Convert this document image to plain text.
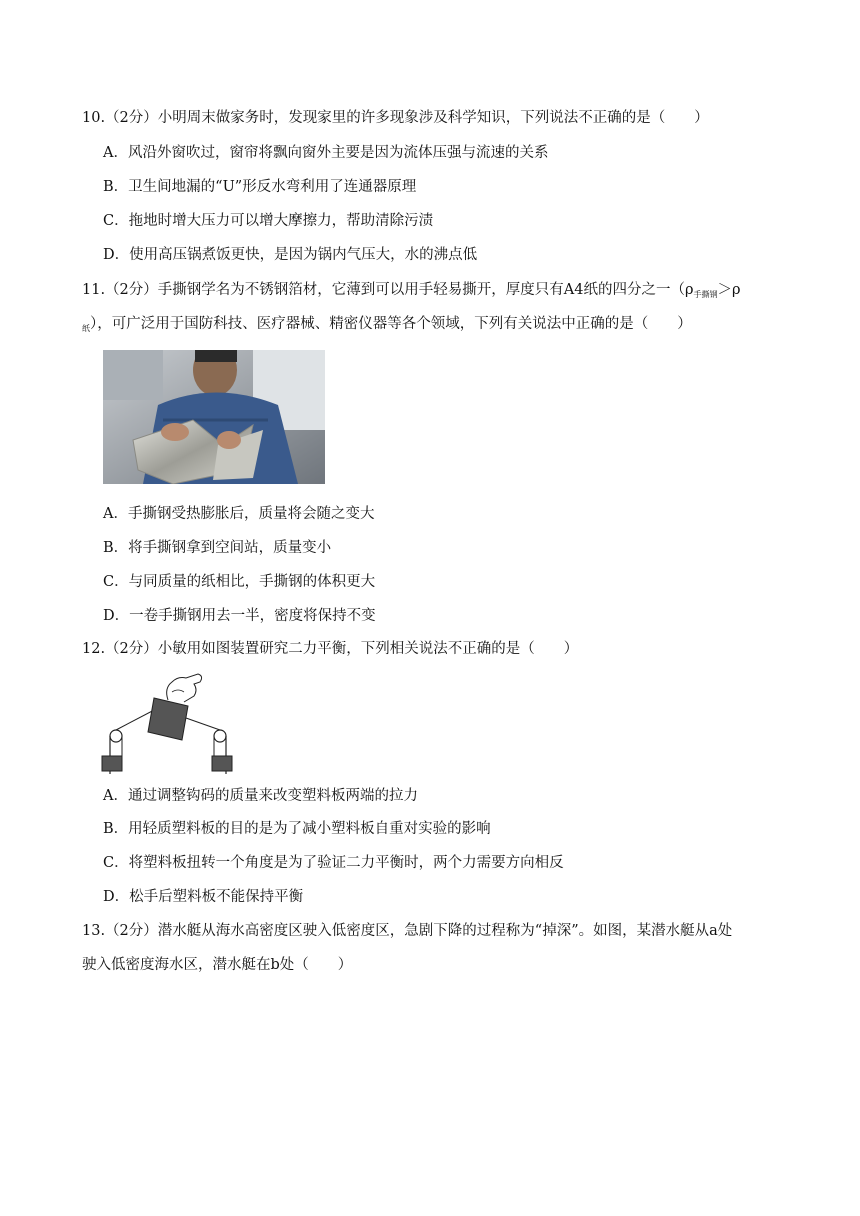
10.（2分）小明周末做家务时，发现家里的许多现象涉及科学知识，下列说法不正确的是（　　）
A．风沿外窗吹过，窗帘将飘向窗外主要是因为流体压强与流速的关系
B．卫生间地漏的“U”形反水弯利用了连通器原理
C．拖地时增大压力可以增大摩擦力，帮助清除污渍
D．使用高压锅煮饭更快，是因为锅内气压大，水的沸点低
11.（2分）手撕钢学名为不锈钢箔材，它薄到可以用手轻易撕开，厚度只有A4纸的四分之一（$\rho_{手撕钢}>\rho$
$_纸$），可广泛用于国防科技、医疗器械、精密仪器等各个领域，下列有关说法中正确的是（　　）
A．手撕钢受热膨胀后，质量将会随之变大
B．将手撕钢拿到空间站，质量变小
C．与同质量的纸相比，手撕钢的体积更大
D．一卷手撕钢用去一半，密度将保持不变
12.（2分）小敏用如图装置研究二力平衡，下列相关说法不正确的是（　　）
A．通过调整钩码的质量来改变塑料板两端的拉力
B．用轻质塑料板的目的是为了减小塑料板自重对实验的影响
C．将塑料板扭转一个角度是为了验证二力平衡时，两个力需要方向相反
D．松手后塑料板不能保持平衡
13.（2分）潜水艇从海水高密度区驶入低密度区，急剧下降的过程称为“掉深”。如图，某潜水艇从a处
驶入低密度海水区，潜水艇在b处（　　）
